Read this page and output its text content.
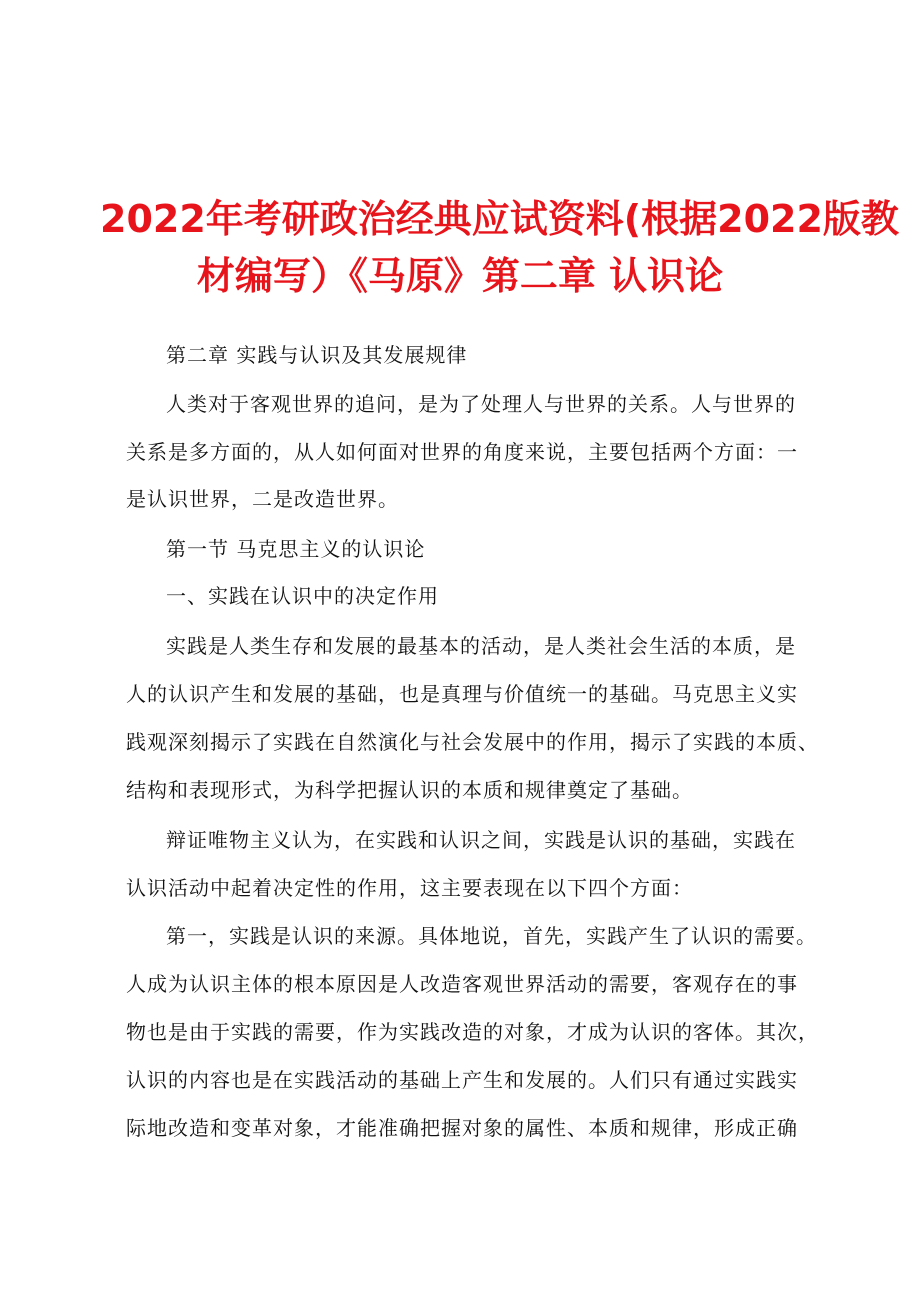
2022年考研政治经典应试资料(根据2022版教
材编写）《马原》第二章 认识论
第二章 实践与认识及其发展规律
人类对于客观世界的追问，是为了处理人与世界的关系。人与世界的
关系是多方面的，从人如何面对世界的角度来说，主要包括两个方面：一
是认识世界，二是改造世界。
第一节 马克思主义的认识论
一、实践在认识中的决定作用
实践是人类生存和发展的最基本的活动，是人类社会生活的本质，是
人的认识产生和发展的基础，也是真理与价值统一的基础。马克思主义实
践观深刻揭示了实践在自然演化与社会发展中的作用，揭示了实践的本质、
结构和表现形式，为科学把握认识的本质和规律奠定了基础。
辩证唯物主义认为，在实践和认识之间，实践是认识的基础，实践在
认识活动中起着决定性的作用，这主要表现在以下四个方面：
第一，实践是认识的来源。具体地说，首先，实践产生了认识的需要。
人成为认识主体的根本原因是人改造客观世界活动的需要，客观存在的事
物也是由于实践的需要，作为实践改造的对象，才成为认识的客体。其次，
认识的内容也是在实践活动的基础上产生和发展的。人们只有通过实践实
际地改造和变革对象，才能准确把握对象的属性、本质和规律，形成正确
